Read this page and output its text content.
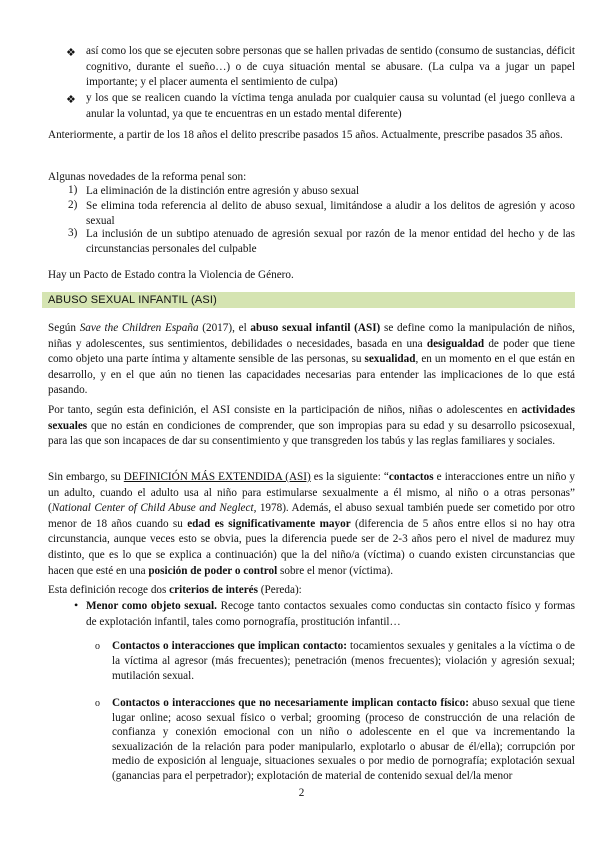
❖ así como los que se ejecuten sobre personas que se hallen privadas de sentido (consumo de sustancias, déficit cognitivo, durante el sueño…) o de cuya situación mental se abusare. (La culpa va a jugar un papel importante; y el placer aumenta el sentimiento de culpa)
❖ y los que se realicen cuando la víctima tenga anulada por cualquier causa su voluntad (el juego conlleva a anular la voluntad, ya que te encuentras en un estado mental diferente)
Anteriormente, a partir de los 18 años el delito prescribe pasados 15 años. Actualmente, prescribe pasados 35 años.
Algunas novedades de la reforma penal son:
1) La eliminación de la distinción entre agresión y abuso sexual
2) Se elimina toda referencia al delito de abuso sexual, limitándose a aludir a los delitos de agresión y acoso sexual
3) La inclusión de un subtipo atenuado de agresión sexual por razón de la menor entidad del hecho y de las circunstancias personales del culpable
Hay un Pacto de Estado contra la Violencia de Género.
ABUSO SEXUAL INFANTIL (ASI)
Según Save the Children España (2017), el abuso sexual infantil (ASI) se define como la manipulación de niños, niñas y adolescentes, sus sentimientos, debilidades o necesidades, basada en una desigualdad de poder que tiene como objeto una parte íntima y altamente sensible de las personas, su sexualidad, en un momento en el que están en desarrollo, y en el que aún no tienen las capacidades necesarias para entender las implicaciones de lo que está pasando.
Por tanto, según esta definición, el ASI consiste en la participación de niños, niñas o adolescentes en actividades sexuales que no están en condiciones de comprender, que son impropias para su edad y su desarrollo psicosexual, para las que son incapaces de dar su consentimiento y que transgreden los tabús y las reglas familiares y sociales.
Sin embargo, su DEFINICIÓN MÁS EXTENDIDA (ASI) es la siguiente: “contactos e interacciones entre un niño y un adulto, cuando el adulto usa al niño para estimularse sexualmente a él mismo, al niño o a otras personas” (National Center of Child Abuse and Neglect, 1978). Además, el abuso sexual también puede ser cometido por otro menor de 18 años cuando su edad es significativamente mayor (diferencia de 5 años entre ellos si no hay otra circunstancia, aunque veces esto se obvia, pues la diferencia puede ser de 2-3 años pero el nivel de madurez muy distinto, que es lo que se explica a continuación) que la del niño/a (víctima) o cuando existen circunstancias que hacen que esté en una posición de poder o control sobre el menor (víctima).
Esta definición recoge dos criterios de interés (Pereda):
• Menor como objeto sexual. Recoge tanto contactos sexuales como conductas sin contacto físico y formas de explotación infantil, tales como pornografía, prostitución infantil…
o Contactos o interacciones que implican contacto: tocamientos sexuales y genitales a la víctima o de la víctima al agresor (más frecuentes); penetración (menos frecuentes); violación y agresión sexual; mutilación sexual.
o Contactos o interacciones que no necesariamente implican contacto físico: abuso sexual que tiene lugar online; acoso sexual físico o verbal; grooming (proceso de construcción de una relación de confianza y conexión emocional con un niño o adolescente en el que va incrementando la sexualización de la relación para poder manipularlo, explotarlo o abusar de él/ella); corrupción por medio de exposición al lenguaje, situaciones sexuales o por medio de pornografía; explotación sexual (ganancias para el perpetrador); explotación de material de contenido sexual del/la menor
2
